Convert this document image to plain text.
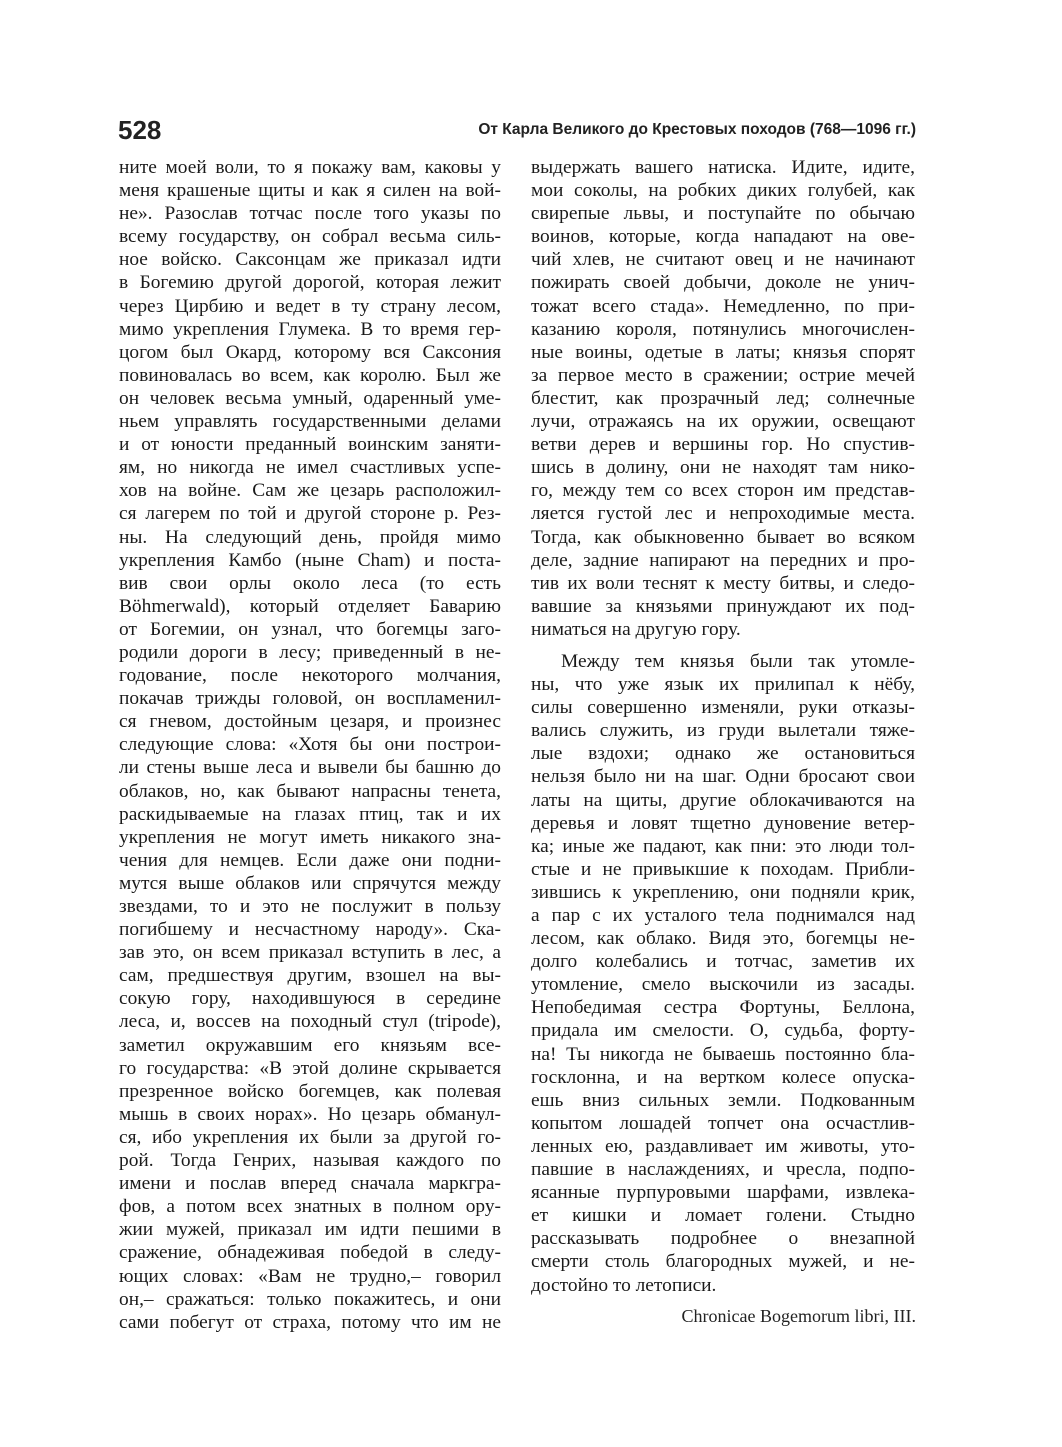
528	От Карла Великого до Крестовых походов (768—1096 гг.)
ните моей воли, то я покажу вам, каковы у
меня крашеные щиты и как я силен на вой-
не». Разослав тотчас после того указы по
всему государству, он собрал весьма силь-
ное войско. Саксонцам же приказал идти
в Богемию другой дорогой, которая лежит
через Цирбию и ведет в ту страну лесом,
мимо укрепления Глумека. В то время гер-
цогом был Окард, которому вся Саксония
повиновалась во всем, как королю. Был же
он человек весьма умный, одаренный уме-
ньем управлять государственными делами
и от юности преданный воинским заняти-
ям, но никогда не имел счастливых успе-
хов на войне. Сам же цезарь расположил-
ся лагерем по той и другой стороне р. Рез-
ны. На следующий день, пройдя мимо
укрепления Камбо (ныне Cham) и поста-
вив свои орлы около леса (то есть
Böhmerwald), который отделяет Баварию
от Богемии, он узнал, что богемцы заго-
родили дороги в лесу; приведенный в не-
годование, после некоторого молчания,
покачав трижды головой, он воспламенил-
ся гневом, достойным цезаря, и произнес
следующие слова: «Хотя бы они построи-
ли стены выше леса и вывели бы башню до
облаков, но, как бывают напрасны тенета,
раскидываемые на глазах птиц, так и их
укрепления не могут иметь никакого зна-
чения для немцев. Если даже они подни-
мутся выше облаков или спрячутся между
звездами, то и это не послужит в пользу
погибшему и несчастному народу». Ска-
зав это, он всем приказал вступить в лес, а
сам, предшествуя другим, взошел на вы-
сокую гору, находившуюся в середине
леса, и, воссев на походный стул (tripode),
заметил окружавшим его князьям все-
го государства: «В этой долине скрывается
презренное войско богемцев, как полевая
мышь в своих норах». Но цезарь обманул-
ся, ибо укрепления их были за другой го-
рой. Тогда Генрих, называя каждого по
имени и послав вперед сначала маркгра-
фов, а потом всех знатных в полном ору-
жии мужей, приказал им идти пешими в
сражение, обнадеживая победой в следу-
ющих словах: «Вам не трудно,– говорил
он,– сражаться: только покажитесь, и они
сами побегут от страха, потому что им не
выдержать вашего натиска. Идите, идите,
мои соколы, на робких диких голубей, как
свирепые львы, и поступайте по обычаю
воинов, которые, когда нападают на ове-
чий хлев, не считают овец и не начинают
пожирать своей добычи, доколе не унич-
тожат всего стада». Немедленно, по при-
казанию короля, потянулись многочислен-
ные воины, одетые в латы; князья спорят
за первое место в сражении; острие мечей
блестит, как прозрачный лед; солнечные
лучи, отражаясь на их оружии, освещают
ветви дерев и вершины гор. Но спустив-
шись в долину, они не находят там нико-
го, между тем со всех сторон им представ-
ляется густой лес и непроходимые места.
Тогда, как обыкновенно бывает во всяком
деле, задние напирают на передних и про-
тив их воли теснят к месту битвы, и следо-
вавшие за князьями принуждают их под-
ниматься на другую гору.
Между тем князья были так утомле-
ны, что уже язык их прилипал к нёбу,
силы совершенно изменяли, руки отказы-
вались служить, из груди вылетали тяже-
лые вздохи; однако же остановиться
нельзя было ни на шаг. Одни бросают свои
латы на щиты, другие облокачиваются на
деревья и ловят тщетно дуновение ветер-
ка; иные же падают, как пни: это люди тол-
стые и не привыкшие к походам. Прибли-
зившись к укреплению, они подняли крик,
а пар с их усталого тела поднимался над
лесом, как облако. Видя это, богемцы не-
долго колебались и тотчас, заметив их
утомление, смело выскочили из засады.
Непобедимая сестра Фортуны, Беллона,
придала им смелости. О, судьба, форту-
на! Ты никогда не бываешь постоянно бла-
госклонна, и на вертком колесе опуска-
ешь вниз сильных земли. Подкованным
копытом лошадей топчет она осчастлив-
ленных ею, раздавливает им животы, уто-
павшие в наслаждениях, и чресла, подпо-
ясанные пурпуровыми шарфами, извлека-
ет кишки и ломает голени. Стыдно
рассказывать подробнее о внезапной
смерти столь благородных мужей, и не-
достойно то летописи.
Chronicae Bogemorum libri, III.
